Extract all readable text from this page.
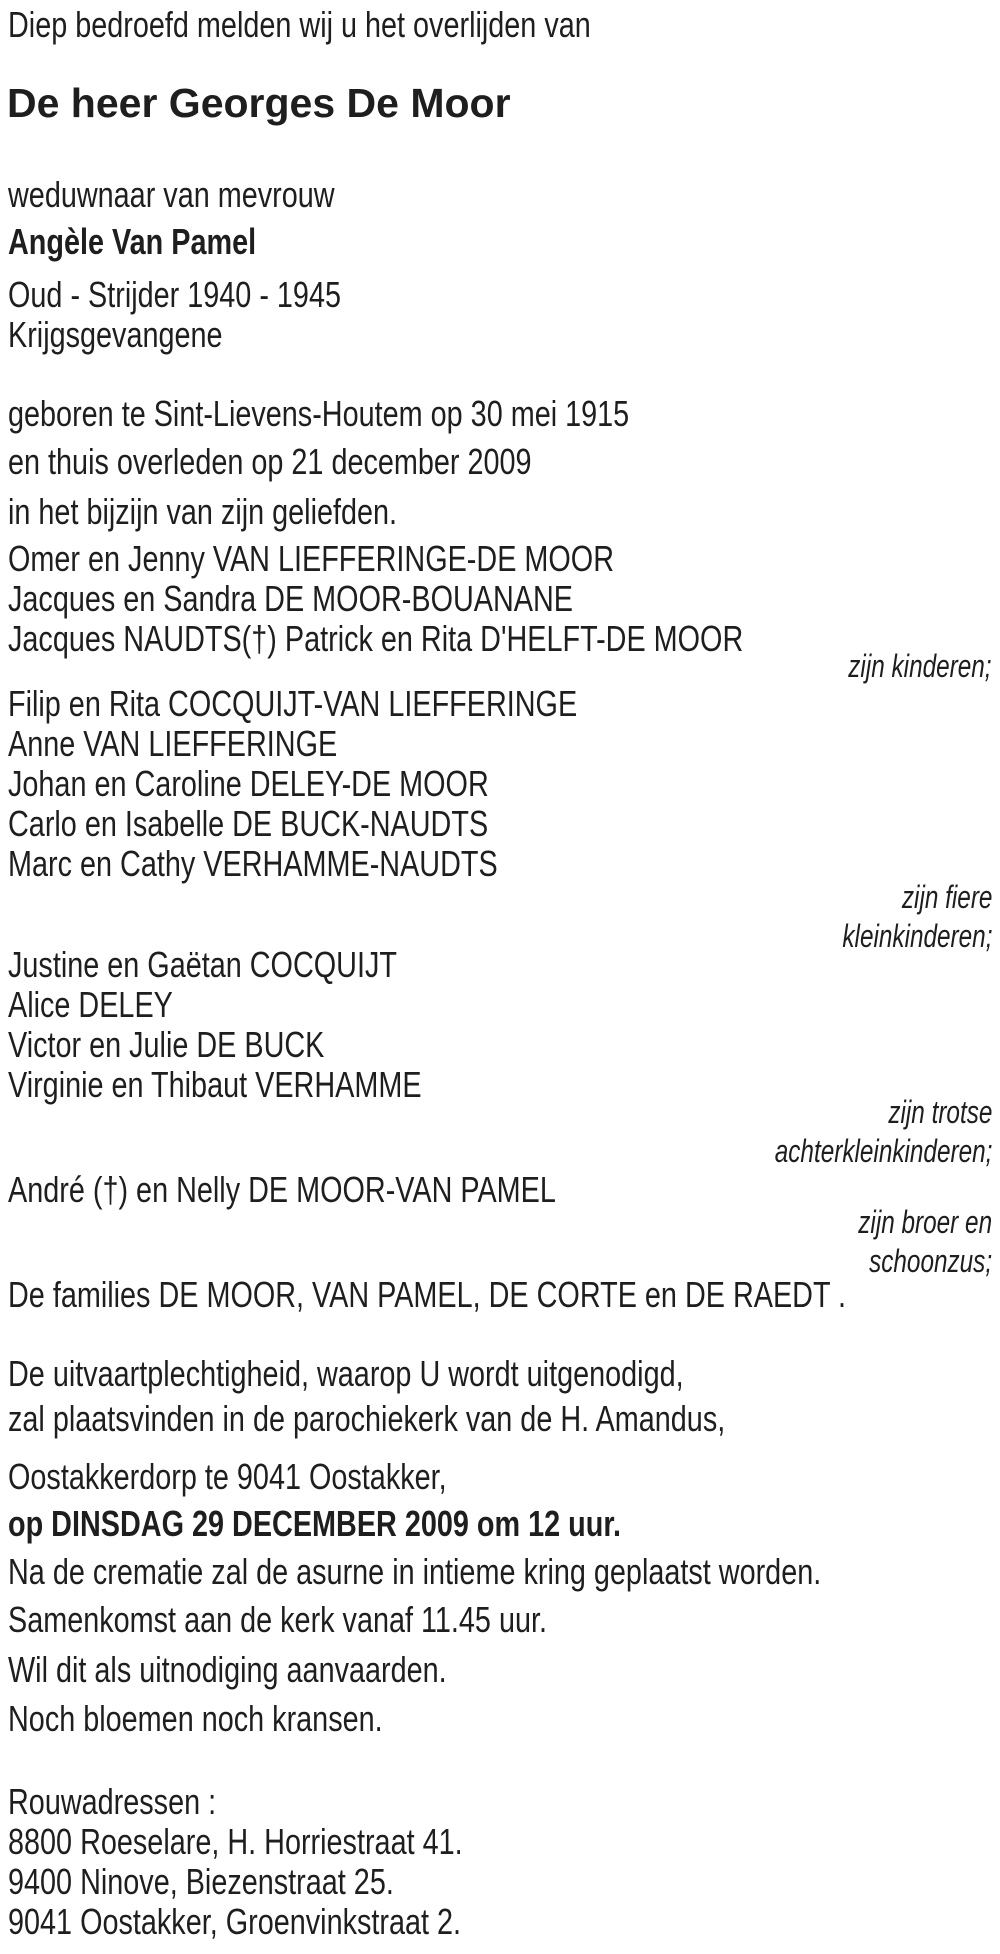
Diep bedroefd melden wij u het overlijden van
De heer Georges De Moor
weduwnaar van mevrouw
Angèle Van Pamel
Oud - Strijder 1940 - 1945
Krijgsgevangene
geboren te Sint-Lievens-Houtem op 30 mei 1915
en thuis overleden op 21 december 2009
in het bijzijn van zijn geliefden.
Omer en Jenny VAN LIEFFERINGE-DE MOOR
Jacques en Sandra DE MOOR-BOUANANE
Jacques NAUDTS(†) Patrick en Rita D'HELFT-DE MOOR
zijn kinderen;
Filip en Rita COCQUIJT-VAN LIEFFERINGE
Anne VAN LIEFFERINGE
Johan en Caroline DELEY-DE MOOR
Carlo en Isabelle DE BUCK-NAUDTS
Marc en Cathy VERHAMME-NAUDTS
zijn fiere
kleinkinderen;
Justine en Gaëtan COCQUIJT
Alice DELEY
Victor en Julie DE BUCK
Virginie en Thibaut VERHAMME
zijn trotse
achterkleinkinderen;
André (†) en Nelly DE MOOR-VAN PAMEL
zijn broer en
schoonzus;
De families DE MOOR, VAN PAMEL, DE CORTE en DE RAEDT .
De uitvaartplechtigheid, waarop U wordt uitgenodigd,
zal plaatsvinden in de parochiekerk van de H. Amandus,
Oostakkerdorp te 9041 Oostakker,
op DINSDAG 29 DECEMBER 2009 om 12 uur.
Na de crematie zal de asurne in intieme kring geplaatst worden.
Samenkomst aan de kerk vanaf 11.45 uur.
Wil dit als uitnodiging aanvaarden.
Noch bloemen noch kransen.
Rouwadressen :
8800 Roeselare, H. Horriestraat 41.
9400 Ninove, Biezenstraat 25.
9041 Oostakker, Groenvinkstraat 2.
